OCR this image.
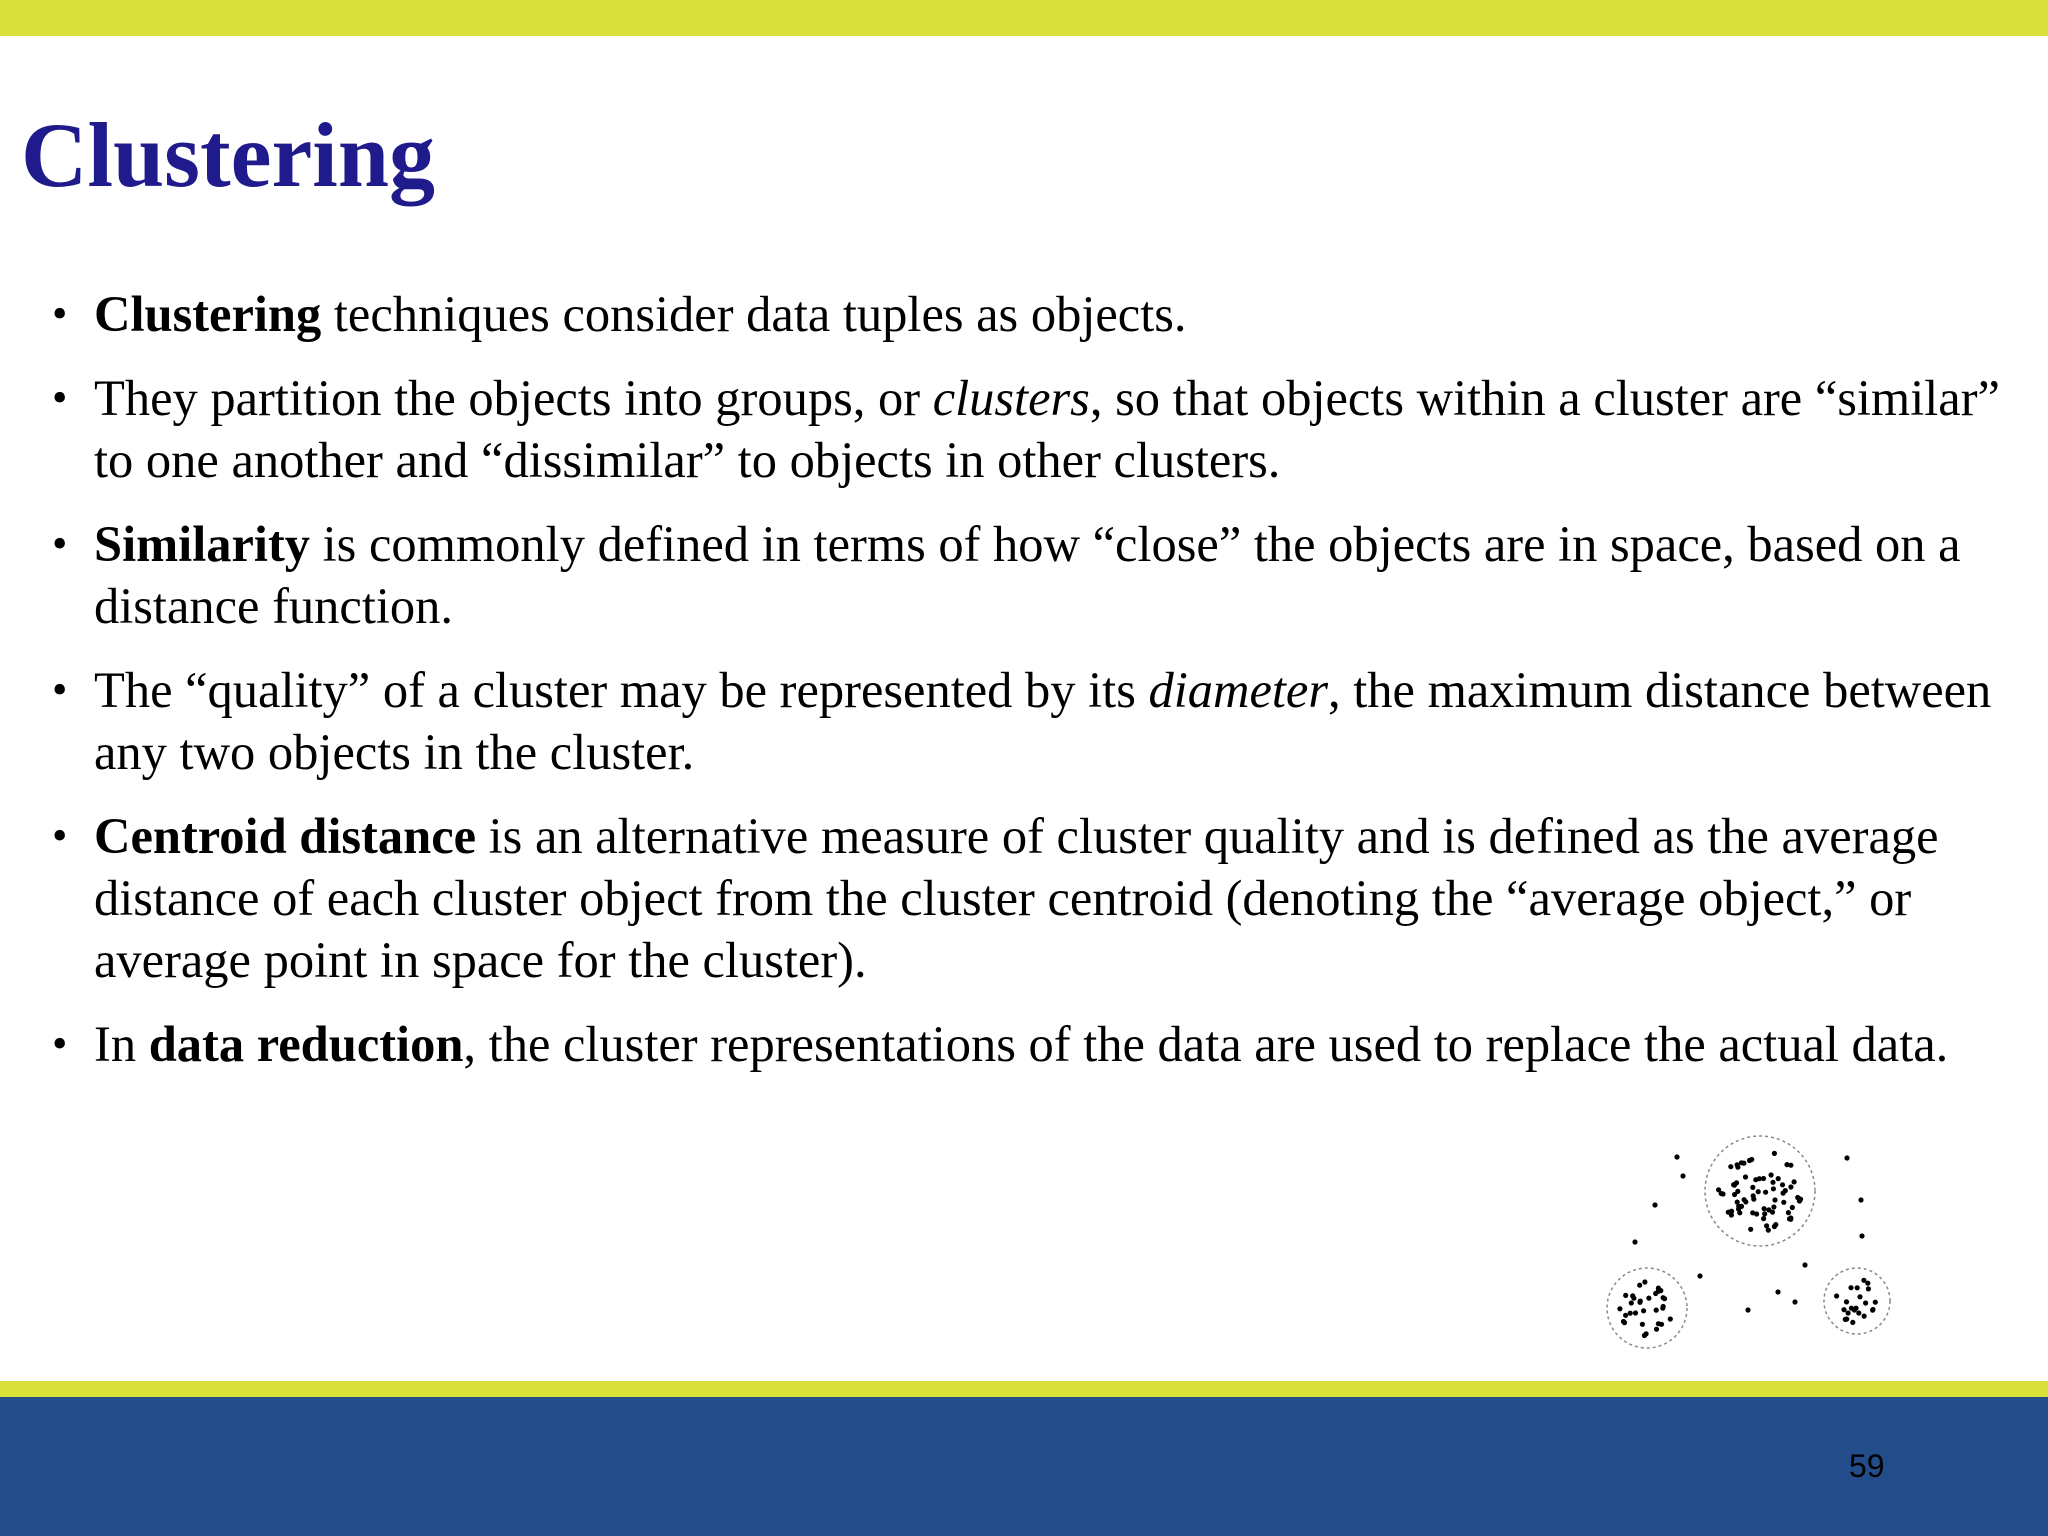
Clustering
• Clustering techniques consider data tuples as objects.
• They partition the objects into groups, or clusters, so that objects within a cluster are “similar” to one another and “dissimilar” to objects in other clusters.
• Similarity is commonly defined in terms of how “close” the objects are in space, based on a distance function.
• The “quality” of a cluster may be represented by its diameter, the maximum distance between any two objects in the cluster.
• Centroid distance is an alternative measure of cluster quality and is defined as the average distance of each cluster object from the cluster centroid (denoting the “average object,” or average point in space for the cluster).
• In data reduction, the cluster representations of the data are used to replace the actual data.
59
